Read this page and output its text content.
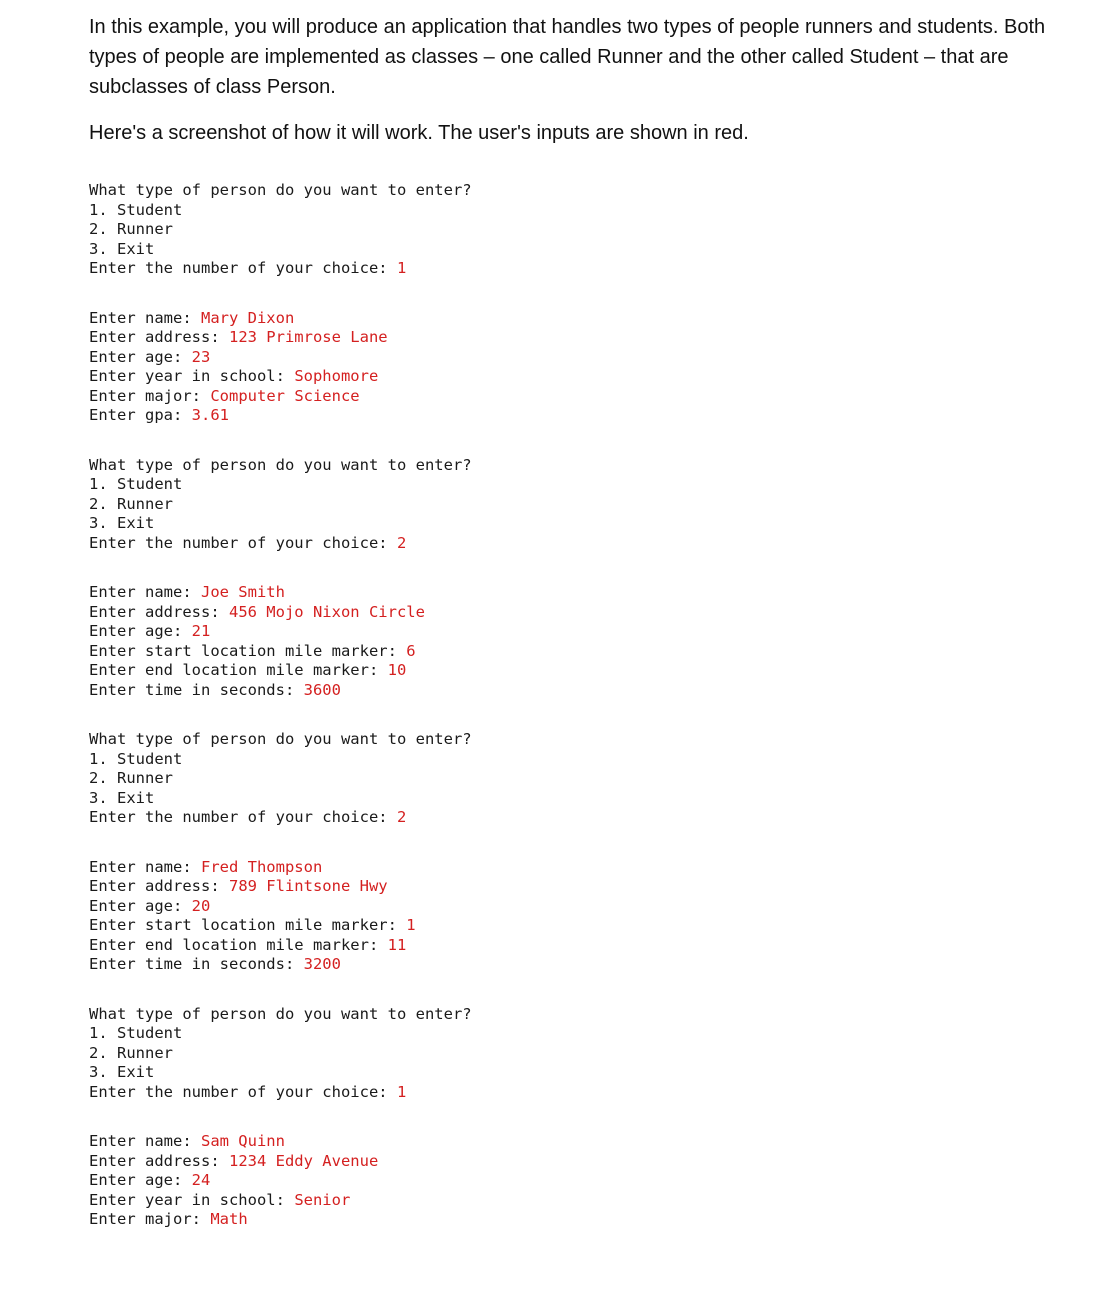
In this example, you will produce an application that handles two types of people runners and students. Both types of people are implemented as classes – one called Runner and the other called Student – that are subclasses of class Person.

Here's a screenshot of how it will work. The user's inputs are shown in red.

What type of person do you want to enter?
1. Student
2. Runner
3. Exit
Enter the number of your choice: 1
Enter name: Mary Dixon
Enter address: 123 Primrose Lane
Enter age: 23
Enter year in school: Sophomore
Enter major: Computer Science
Enter gpa: 3.61
What type of person do you want to enter?
1. Student
2. Runner
3. Exit
Enter the number of your choice: 2
Enter name: Joe Smith
Enter address: 456 Mojo Nixon Circle
Enter age: 21
Enter start location mile marker: 6
Enter end location mile marker: 10
Enter time in seconds: 3600
What type of person do you want to enter?
1. Student
2. Runner
3. Exit
Enter the number of your choice: 2
Enter name: Fred Thompson
Enter address: 789 Flintsone Hwy
Enter age: 20
Enter start location mile marker: 1
Enter end location mile marker: 11
Enter time in seconds: 3200
What type of person do you want to enter?
1. Student
2. Runner
3. Exit
Enter the number of your choice: 1
Enter name: Sam Quinn
Enter address: 1234 Eddy Avenue
Enter age: 24
Enter year in school: Senior
Enter major: Math
